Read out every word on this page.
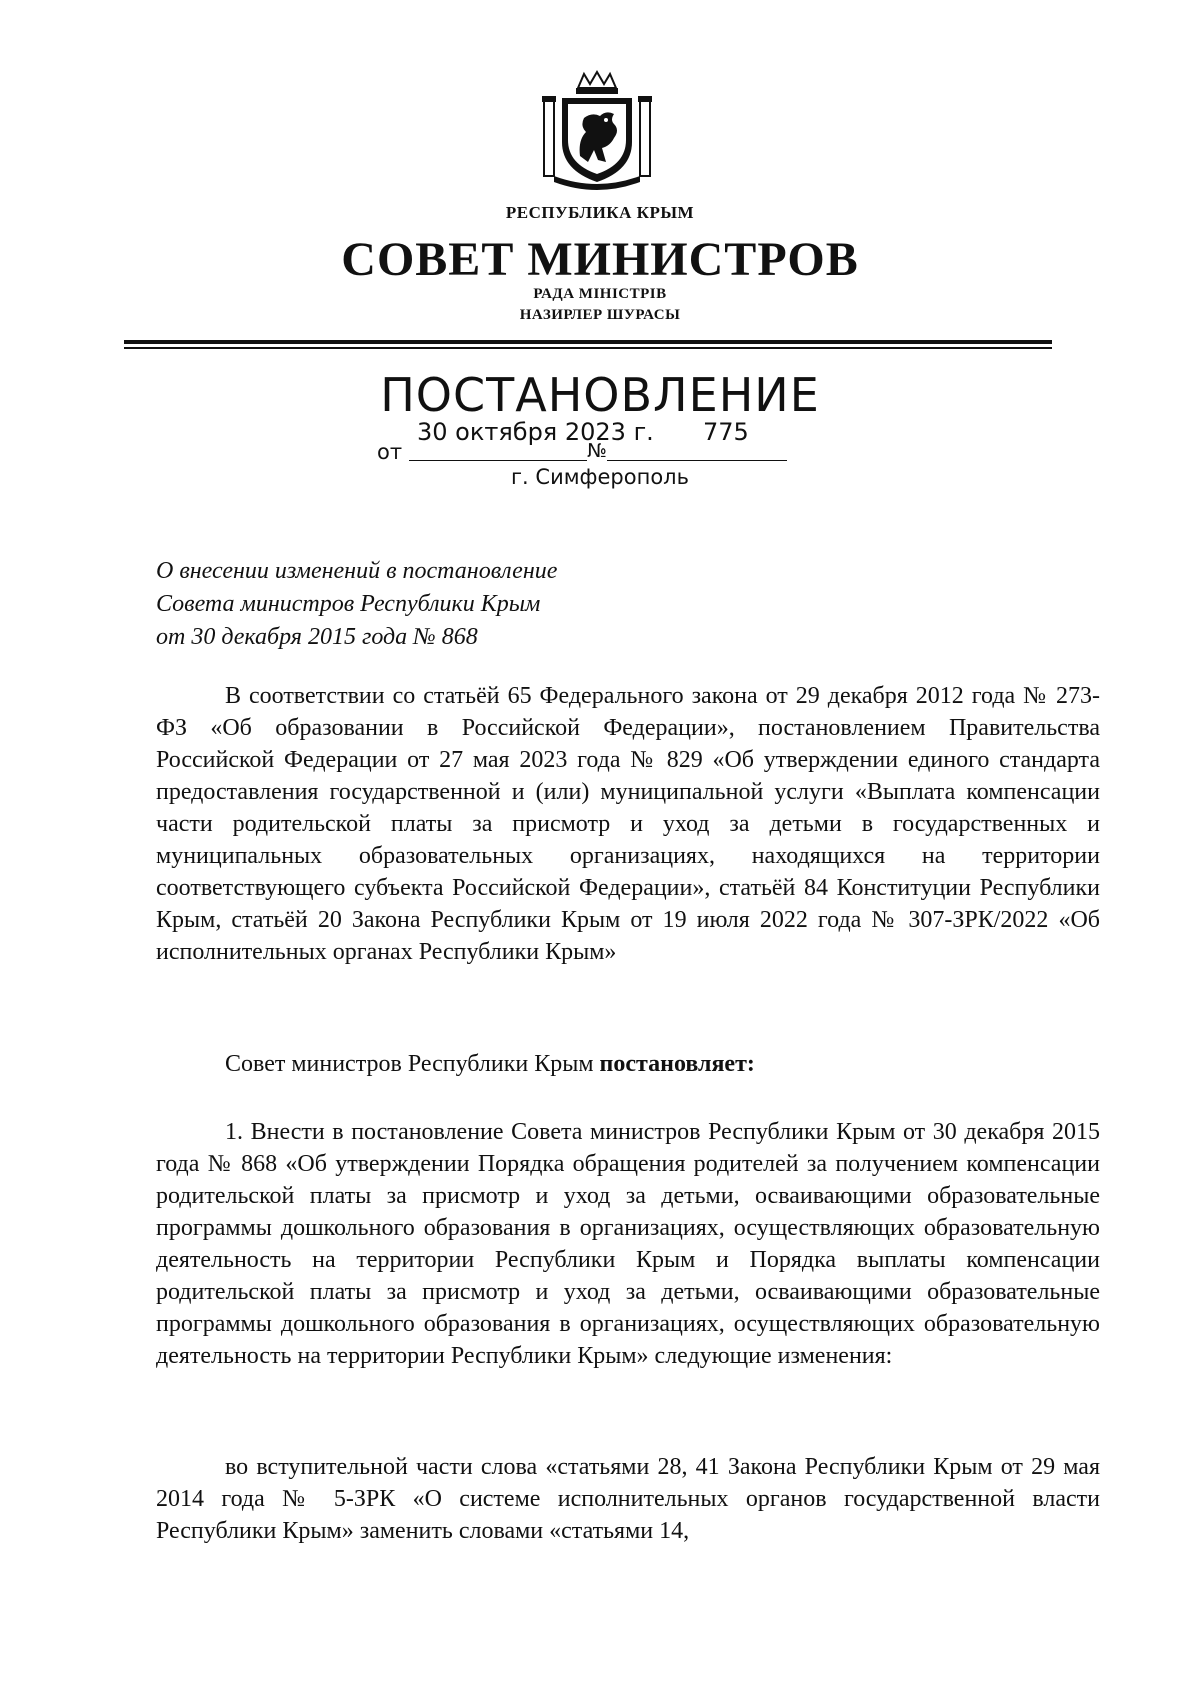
РЕСПУБЛИКА КРЫМ
СОВЕТ МИНИСТРОВ
РАДА МІНІСТРІВ
НАЗИРЛЕР ШУРАСЫ
ПОСТАНОВЛЕНИЕ
от
30 октября 2023 г.
№
775
г. Симферополь
О внесении изменений в постановление
Совета министров Республики Крым
от 30 декабря 2015 года № 868

В соответствии со статьёй 65 Федерального закона от 29 декабря 2012 года № 273-ФЗ «Об образовании в Российской Федерации», постановлением Правительства Российской Федерации от 27 мая 2023 года № 829 «Об утверждении единого стандарта предоставления государственной и (или) муниципальной услуги «Выплата компенсации части родительской платы за присмотр и уход за детьми в государственных и муниципальных образовательных организациях, находящихся на территории соответствующего субъекта Российской Федерации», статьёй 84 Конституции Республики Крым, статьёй 20 Закона Республики Крым от 19 июля 2022 года № 307-ЗРК/2022 «Об исполнительных органах Республики Крым»

Совет министров Республики Крым постановляет:

1. Внести в постановление Совета министров Республики Крым от 30 декабря 2015 года № 868 «Об утверждении Порядка обращения родителей за получением компенсации родительской платы за присмотр и уход за детьми, осваивающими образовательные программы дошкольного образования в организациях, осуществляющих образовательную деятельность на территории Республики Крым и Порядка выплаты компенсации родительской платы за присмотр и уход за детьми, осваивающими образовательные программы дошкольного образования в организациях, осуществляющих образовательную деятельность на территории Республики Крым» следующие изменения:

во вступительной части слова «статьями 28, 41 Закона Республики Крым от 29 мая 2014 года № 5-ЗРК «О системе исполнительных органов государственной власти Республики Крым» заменить словами «статьями 14,
